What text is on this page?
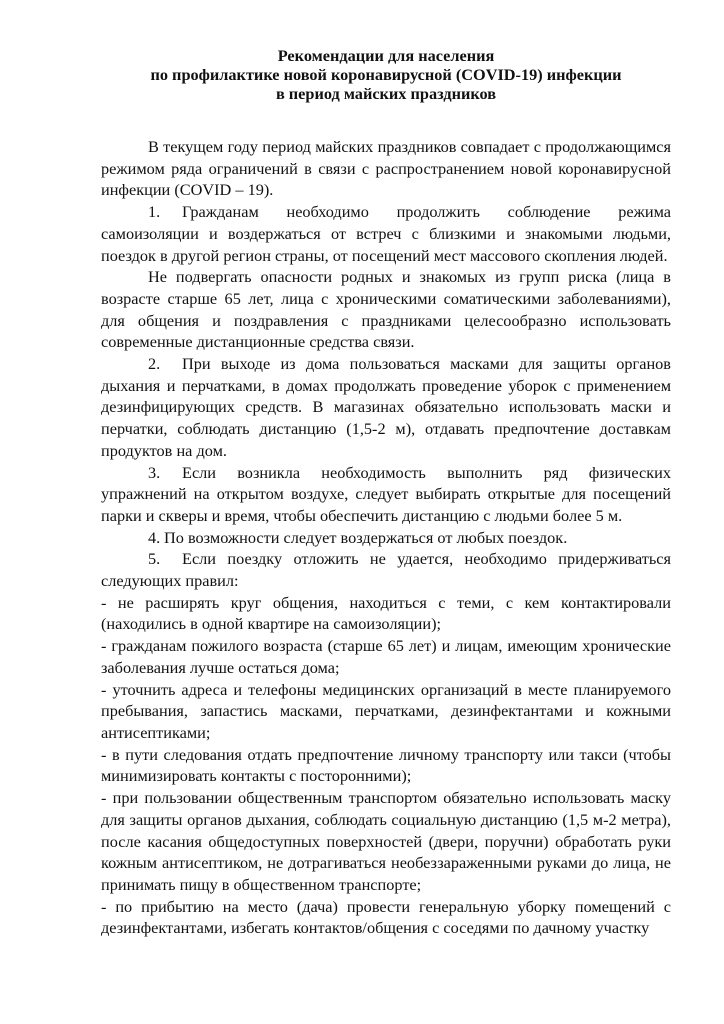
Рекомендации для населения
по профилактике новой коронавирусной (COVID-19) инфекции
в период майских праздников

В текущем году период майских праздников совпадает с продолжающимся режимом ряда ограничений в связи с распространением новой коронавирусной инфекции (COVID – 19).

1. Гражданам необходимо продолжить соблюдение режима самоизоляции и воздержаться от встреч с близкими и знакомыми людьми, поездок в другой регион страны, от посещений мест массового скопления людей.

Не подвергать опасности родных и знакомых из групп риска (лица в возрасте старше 65 лет, лица с хроническими соматическими заболеваниями), для общения и поздравления с праздниками целесообразно использовать современные дистанционные средства связи.

2. При выходе из дома пользоваться масками для защиты органов дыхания и перчатками, в домах продолжать проведение уборок с применением дезинфицирующих средств. В магазинах обязательно использовать маски и перчатки, соблюдать дистанцию (1,5-2 м), отдавать предпочтение доставкам продуктов на дом.

3. Если возникла необходимость выполнить ряд физических упражнений на открытом воздухе, следует выбирать открытые для посещений парки и скверы и время, чтобы обеспечить дистанцию с людьми более 5 м.

4. По возможности следует воздержаться от любых поездок.

5. Если поездку отложить не удается, необходимо придерживаться следующих правил:

- не расширять круг общения, находиться с теми, с кем контактировали (находились в одной квартире на самоизоляции);

- гражданам пожилого возраста (старше 65 лет) и лицам, имеющим хронические заболевания лучше остаться дома;

- уточнить адреса и телефоны медицинских организаций в месте планируемого пребывания, запастись масками, перчатками, дезинфектантами и кожными антисептиками;

- в пути следования отдать предпочтение личному транспорту или такси (чтобы минимизировать контакты с посторонними);

- при пользовании общественным транспортом обязательно использовать маску для защиты органов дыхания, соблюдать социальную дистанцию (1,5 м-2 метра), после касания общедоступных поверхностей (двери, поручни) обработать руки кожным антисептиком, не дотрагиваться необеззараженными руками до лица, не принимать пищу в общественном транспорте;

- по прибытию на место (дача) провести генеральную уборку помещений с дезинфектантами, избегать контактов/общения с соседями по дачному участку
